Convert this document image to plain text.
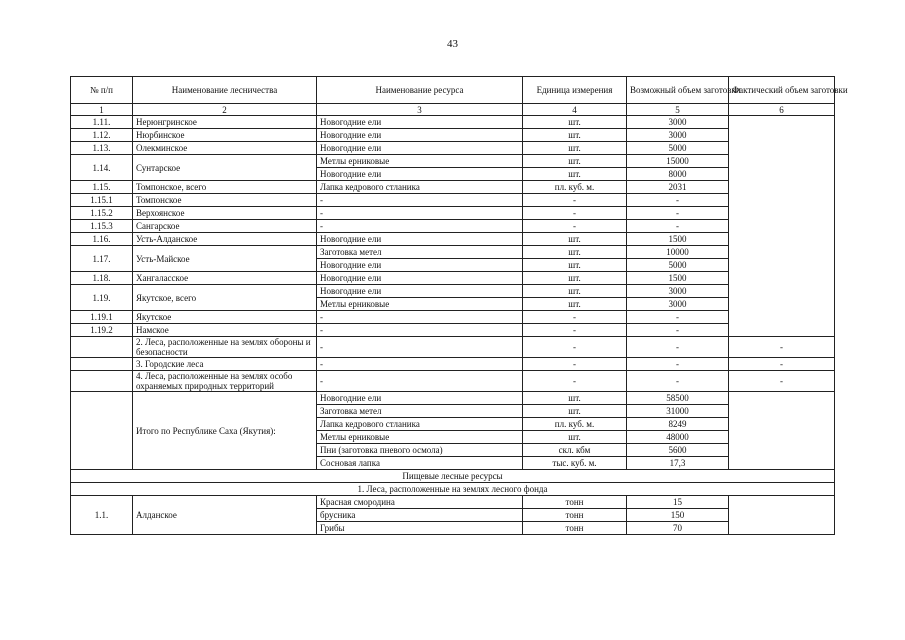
43
№ п/п	Наименование лесничества	Наименование ресурса	Единица измерения	Возможный объем заготовки	Фактический объем заготовки
1	2	3	4	5	6
1.11.	Нерюнгринское	Новогодние ели	шт.	3000	
1.12.	Нюрбинское	Новогодние ели	шт.	3000	
1.13.	Олекминское	Новогодние ели	шт.	5000	
1.14.	Сунтарское	Метлы ерниковые	шт.	15000	
		Новогодние ели	шт.	8000	
1.15.	Томпонское, всего	Лапка кедрового стланика	пл. куб. м.	2031	
1.15.1	Томпонское	-	-	-	
1.15.2	Верхоянское	-	-	-	
1.15.3	Сангарское	-	-	-	
1.16.	Усть-Алданское	Новогодние ели	шт.	1500	
1.17.	Усть-Майское	Заготовка метел	шт.	10000	
		Новогодние ели	шт.	5000	
1.18.	Хангаласское	Новогодние ели	шт.	1500	
1.19.	Якутское, всего	Новогодние ели	шт.	3000	
		Метлы ерниковые	шт.	3000	
1.19.1	Якутское	-	-	-	
1.19.2	Намское	-	-	-	
	2. Леса, расположенные на землях обороны и безопасности	-	-	-	-
	3. Городские леса	-	-	-	-
	4. Леса, расположенные на землях особо охраняемых природных территорий	-	-	-	-
	Итого по Республике Саха (Якутия):	Новогодние ели	шт.	58500	
		Заготовка метел	шт.	31000	
		Лапка кедрового стланика	пл. куб. м.	8249	
		Метлы ерниковые	шт.	48000	
		Пни (заготовка пневого осмола)	скл. кбм	5600	
		Сосновая лапка	тыс. куб. м.	17,3	
Пищевые лесные ресурсы					
1. Леса, расположенные на землях лесного фонда					
1.1.	Алданское	Красная смородина	тонн	15	
		брусника	тонн	150	
		Грибы	тонн	70	
